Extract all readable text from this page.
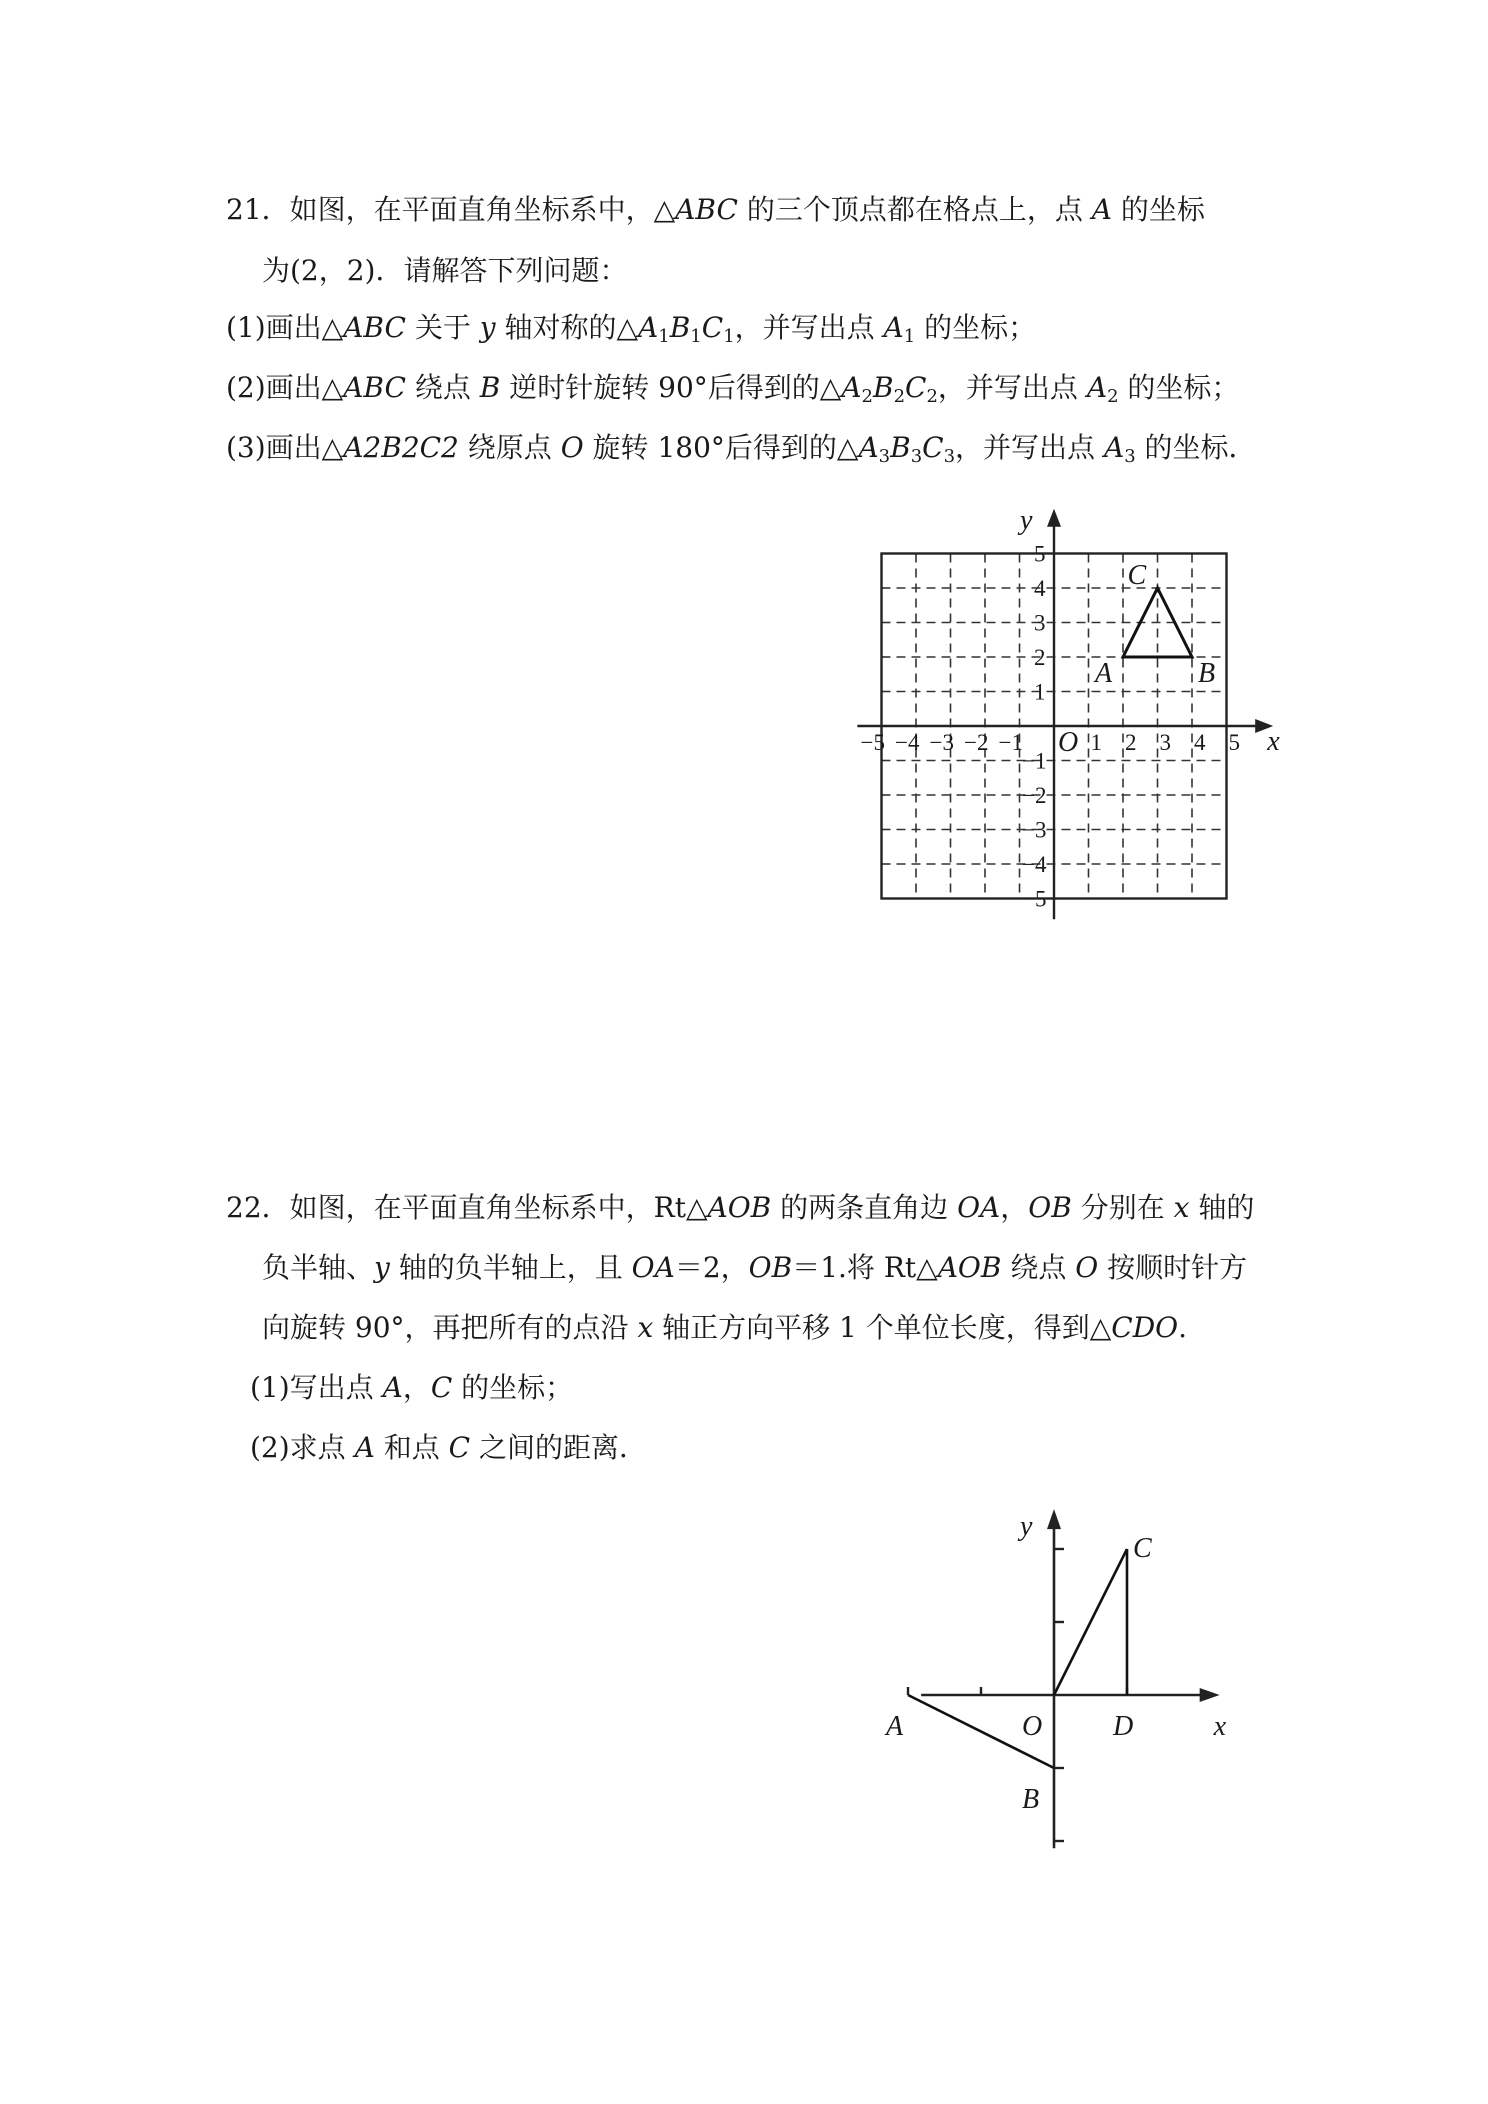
21．如图，在平面直角坐标系中，△ABC 的三个顶点都在格点上，点 A 的坐标
为(2，2)．请解答下列问题：
(1)画出△ABC 关于 y 轴对称的$\triangle A_1B_1C_1$，并写出点 $A_1$ 的坐标；
(2)画出△ABC 绕点 B 逆时针旋转 90°后得到的$\triangle A_2B_2C_2$，并写出点 $A_2$ 的坐标；
(3)画出△A2B2C2 绕原点 O 旋转 180°后得到的$\triangle A_3B_3C_3$，并写出点 $A_3$ 的坐标．
x
y
O
−5 −4 −3 −2 −1	1 2 3 4 5
5
4
3
2
1
−1
−2
−3
−4
−5
A	B
C
22．如图，在平面直角坐标系中，Rt△AOB 的两条直角边 OA，OB 分别在 x 轴的
负半轴、y 轴的负半轴上，且 OA＝2，OB＝1.将 Rt△AOB 绕点 O 按顺时针方
向旋转 90°，再把所有的点沿 x 轴正方向平移 1 个单位长度，得到△CDO.
(1)写出点 A，C 的坐标；
(2)求点 A 和点 C 之间的距离．
x
y
O
A
B
C
D
